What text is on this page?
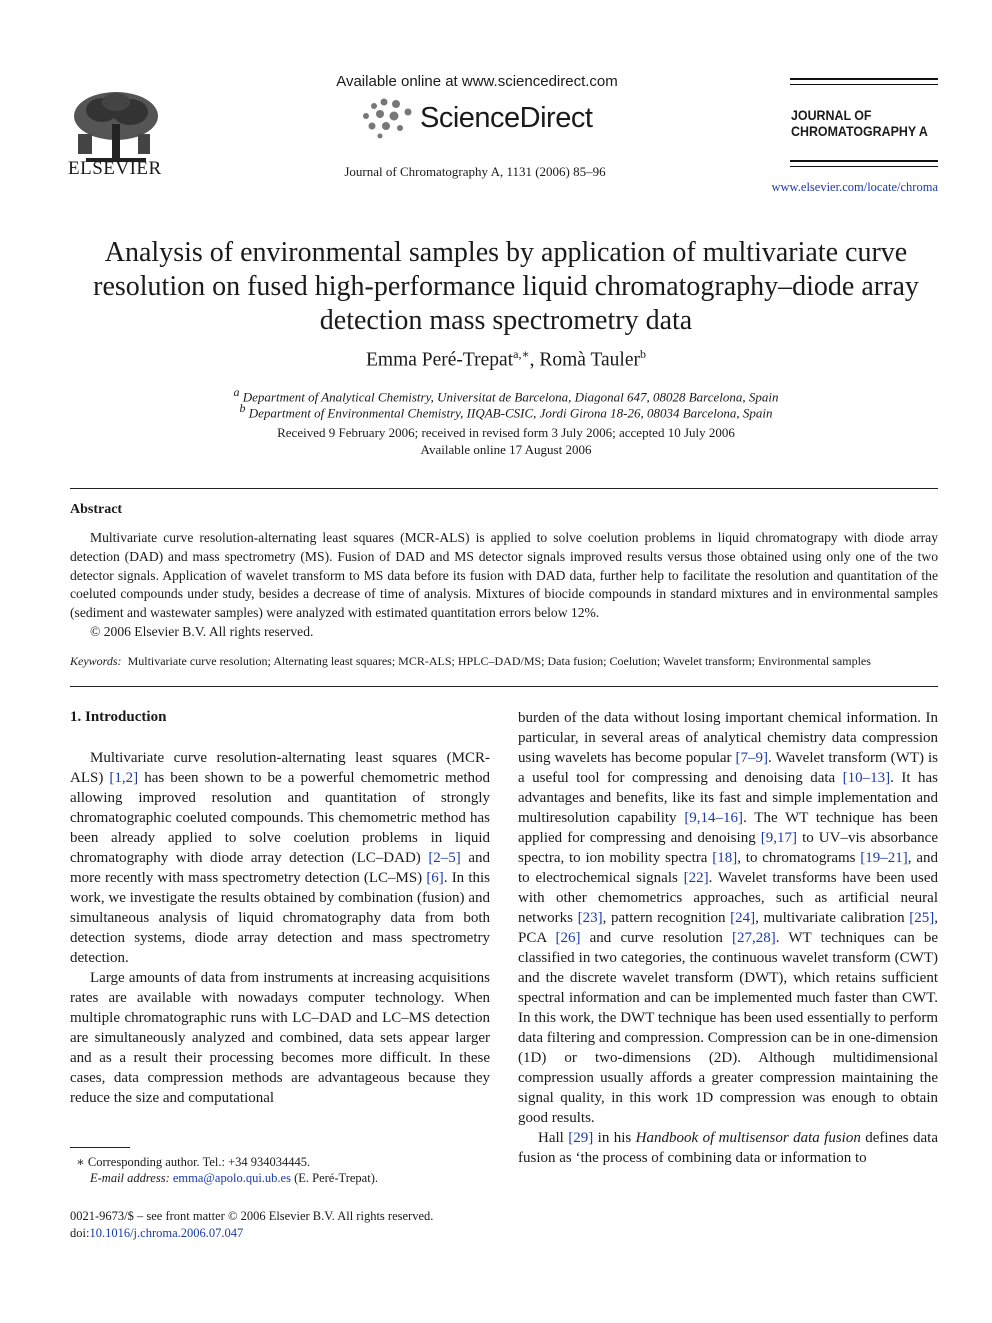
ELSEVIER
Available online at www.sciencedirect.com
ScienceDirect
Journal of Chromatography A, 1131 (2006) 85–96
JOURNAL OF
CHROMATOGRAPHY A
www.elsevier.com/locate/chroma
Analysis of environmental samples by application of multivariate curve resolution on fused high-performance liquid chromatography–diode array detection mass spectrometry data
Emma Peré-Trepat$^{a,∗}$, Romà Tauler$^b$
$^a$ Department of Analytical Chemistry, Universitat de Barcelona, Diagonal 647, 08028 Barcelona, Spain
$^b$ Department of Environmental Chemistry, IIQAB-CSIC, Jordi Girona 18-26, 08034 Barcelona, Spain
Received 9 February 2006; received in revised form 3 July 2006; accepted 10 July 2006
Available online 17 August 2006
Abstract

Multivariate curve resolution-alternating least squares (MCR-ALS) is applied to solve coelution problems in liquid chromatograpy with diode array detection (DAD) and mass spectrometry (MS). Fusion of DAD and MS detector signals improved results versus those obtained using only one of the two detector signals. Application of wavelet transform to MS data before its fusion with DAD data, further help to facilitate the resolution and quantitation of the coeluted compounds under study, besides a decrease of time of analysis. Mixtures of biocide compounds in standard mixtures and in environmental samples (sediment and wastewater samples) were analyzed with estimated quantitation errors below 12%.

© 2006 Elsevier B.V. All rights reserved.

Keywords: Multivariate curve resolution; Alternating least squares; MCR-ALS; HPLC–DAD/MS; Data fusion; Coelution; Wavelet transform; Environmental samples
1. Introduction

Multivariate curve resolution-alternating least squares (MCR-ALS) [1,2] has been shown to be a powerful chemometric method allowing improved resolution and quantitation of strongly chromatographic coeluted compounds. This chemometric method has been already applied to solve coelution problems in liquid chromatography with diode array detection (LC–DAD) [2–5] and more recently with mass spectrometry detection (LC–MS) [6]. In this work, we investigate the results obtained by combination (fusion) and simultaneous analysis of liquid chromatography data from both detection systems, diode array detection and mass spectrometry detection.

Large amounts of data from instruments at increasing acquisitions rates are available with nowadays computer technology. When multiple chromatographic runs with LC–DAD and LC–MS detection are simultaneously analyzed and combined, data sets appear larger and as a result their processing becomes more difficult. In these cases, data compression methods are advantageous because they reduce the size and computational

burden of the data without losing important chemical information. In particular, in several areas of analytical chemistry data compression using wavelets has become popular [7–9]. Wavelet transform (WT) is a useful tool for compressing and denoising data [10–13]. It has advantages and benefits, like its fast and simple implementation and multiresolution capability [9,14–16]. The WT technique has been applied for compressing and denoising [9,17] to UV–vis absorbance spectra, to ion mobility spectra [18], to chromatograms [19–21], and to electrochemical signals [22]. Wavelet transforms have been used with other chemometrics approaches, such as artificial neural networks [23], pattern recognition [24], multivariate calibration [25], PCA [26] and curve resolution [27,28]. WT techniques can be classified in two categories, the continuous wavelet transform (CWT) and the discrete wavelet transform (DWT), which retains sufficient spectral information and can be implemented much faster than CWT. In this work, the DWT technique has been used essentially to perform data filtering and compression. Compression can be in one-dimension (1D) or two-dimensions (2D). Although multidimensional compression usually affords a greater compression maintaining the signal quality, in this work 1D compression was enough to obtain good results.

Hall [29] in his Handbook of multisensor data fusion defines data fusion as ‘the process of combining data or information to

∗ Corresponding author. Tel.: +34 934034445.
E-mail address: emma@apolo.qui.ub.es (E. Peré-Trepat).
0021-9673/$ – see front matter © 2006 Elsevier B.V. All rights reserved.
doi:10.1016/j.chroma.2006.07.047
